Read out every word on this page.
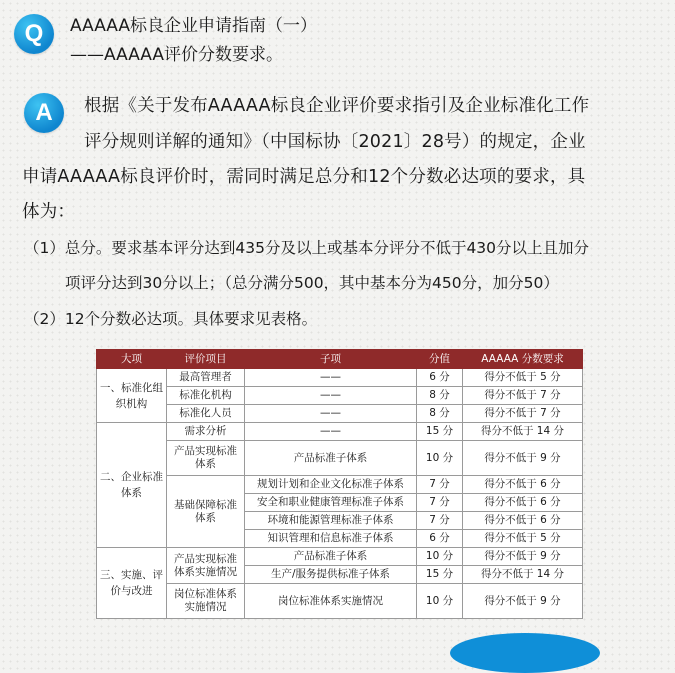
Q	AAAAA标良企业申请指南（一）
——AAAAA评价分数要求。
A	根据《关于发布AAAAA标良企业评价要求指引及企业标准化工作
评分规则详解的通知》（中国标协〔2021〕28号）的规定，企业
申请AAAAA标良评价时，需同时满足总分和12个分数必达项的要求，具
体为：
（1）总分。要求基本评分达到435分及以上或基本分评分不低于430分以上且加分
项评分达到30分以上；（总分满分500，其中基本分为450分，加分50）
（2）12个分数必达项。具体要求见表格。
大项	评价项目	子项	分值	AAAAA 分数要求
一、标准化组织机构	最高管理者	——	6 分	得分不低于 5 分
	标准化机构	——	8 分	得分不低于 7 分
	标准化人员	——	8 分	得分不低于 7 分
二、企业标准体系	需求分析	——	15 分	得分不低于 14 分
	产品实现标准体系	产品标准子体系	10 分	得分不低于 9 分
	基础保障标准体系	规划计划和企业文化标准子体系	7 分	得分不低于 6 分
		安全和职业健康管理标准子体系	7 分	得分不低于 6 分
		环境和能源管理标准子体系	7 分	得分不低于 6 分
		知识管理和信息标准子体系	6 分	得分不低于 5 分
三、实施、评价与改进	产品实现标准体系实施情况	产品标准子体系	10 分	得分不低于 9 分
		生产/服务提供标准子体系	15 分	得分不低于 14 分
	岗位标准体系实施情况	岗位标准体系实施情况	10 分	得分不低于 9 分
